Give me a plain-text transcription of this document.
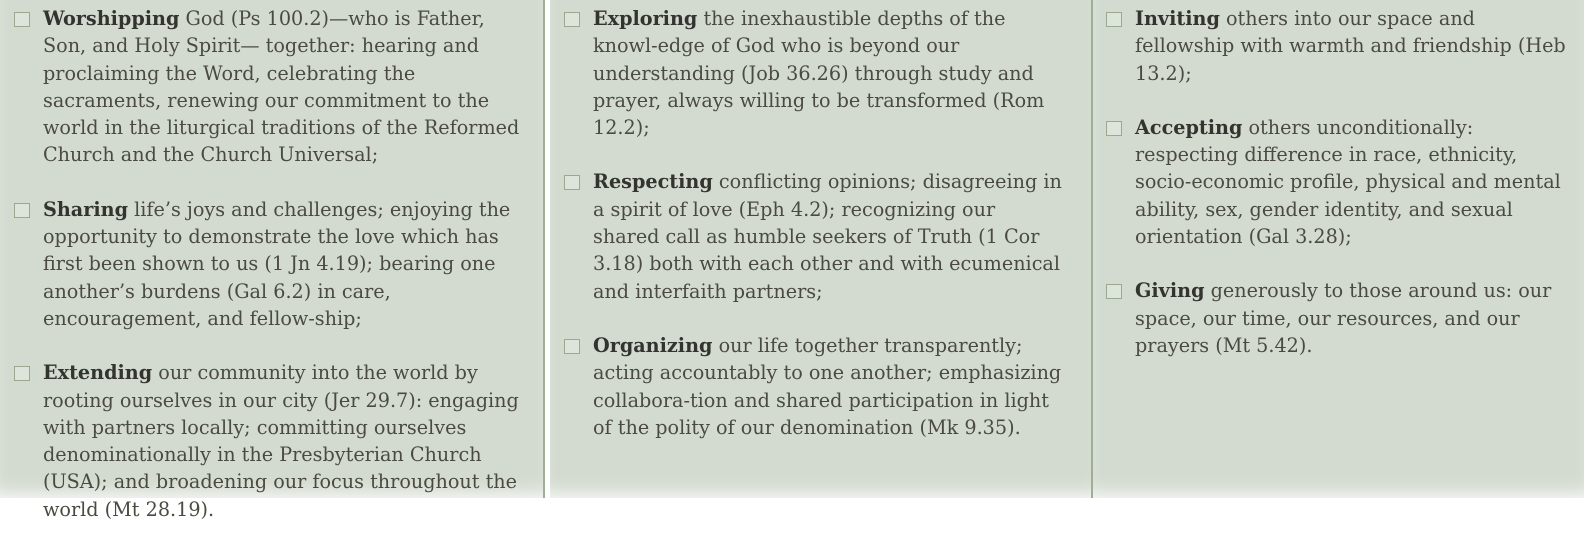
Worshipping God (Ps 100.2)—who is Father, Son, and Holy Spirit— together: hearing and proclaiming the Word, celebrating the sacraments, renewing our commitment to the world in the liturgical traditions of the Reformed Church and the Church Universal;
Sharing life’s joys and challenges; enjoying the opportunity to demonstrate the love which has first been shown to us (1 Jn 4.19); bearing one another’s burdens (Gal 6.2) in care, encouragement, and fellow-ship;
Extending our community into the world by rooting ourselves in our city (Jer 29.7): engaging with partners locally; committing ourselves denominationally in the Presbyterian Church (USA); and broadening our focus throughout the world (Mt 28.19).
Exploring the inexhaustible depths of the knowl-edge of God who is beyond our understanding (Job 36.26) through study and prayer, always willing to be transformed (Rom 12.2);
Respecting conflicting opinions; disagreeing in a spirit of love (Eph 4.2); recognizing our shared call as humble seekers of Truth (1 Cor 3.18) both with each other and with ecumenical and interfaith partners;
Organizing our life together transparently; acting accountably to one another; emphasizing collabora-tion and shared participation in light of the polity of our denomination (Mk 9.35).
Inviting others into our space and fellowship with warmth and friendship (Heb 13.2);
Accepting others unconditionally: respecting difference in race, ethnicity, socio-economic profile, physical and mental ability, sex, gender identity, and sexual orientation (Gal 3.28);
Giving generously to those around us: our space, our time, our resources, and our prayers (Mt 5.42).
